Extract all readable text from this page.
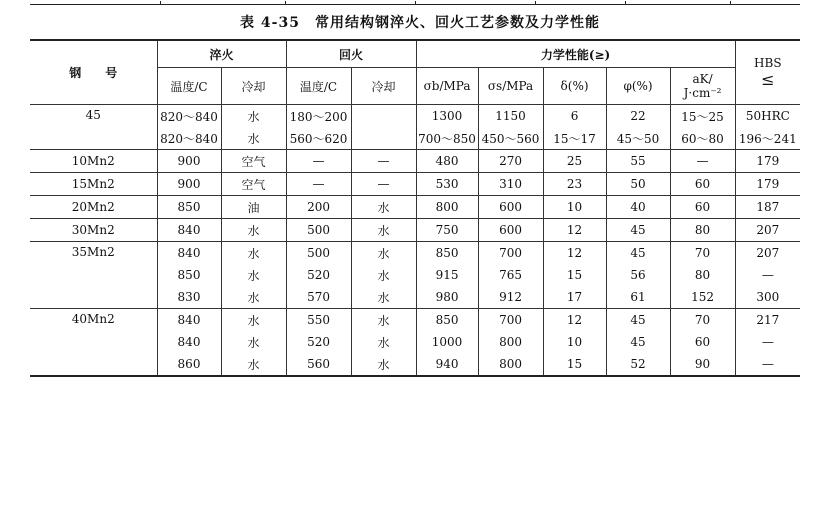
表 4-35　常用结构钢淬火、回火工艺参数及力学性能
钢　　号	淬火		回火		力学性能(≥)					HBS
≤

	温度/C	冷却	温度/C	冷却	σb/MPa	σs/MPa	δ(%)	φ(%)	aK/
J·cm⁻²	

45	820～840	水	180～200		1300	1150	6	22	15～25	50HRC
	820～840	水	560～620		700～850	450～560	15～17	45～50	60～80	196～241
10Mn2	900	空气	—	—	480	270	25	55	—	179
15Mn2	900	空气	—	—	530	310	23	50	60	179
20Mn2	850	油	200	水	800	600	10	40	60	187
30Mn2	840	水	500	水	750	600	12	45	80	207
35Mn2	840	水	500	水	850	700	12	45	70	207
	850	水	520	水	915	765	15	56	80	—
	830	水	570	水	980	912	17	61	152	300
40Mn2	840	水	550	水	850	700	12	45	70	217
	840	水	520	水	1000	800	10	45	60	—
	860	水	560	水	940	800	15	52	90	—
